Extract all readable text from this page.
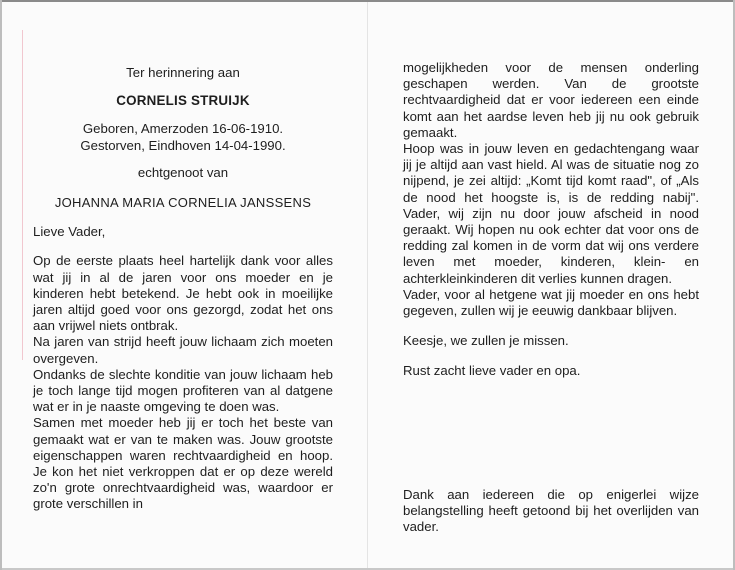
Ter herinnering aan

CORNELIS STRUIJK

Geboren, Amerzoden 16-06-1910.

Gestorven, Eindhoven 14-04-1990.

echtgenoot van

JOHANNA MARIA CORNELIA JANSSENS

Lieve Vader,

Op de eerste plaats heel hartelijk dank voor alles wat jij in al de jaren voor ons moeder en je kinderen hebt betekend. Je hebt ook in moeilijke jaren altijd goed voor ons gezorgd, zodat het ons aan vrijwel niets ontbrak.

Na jaren van strijd heeft jouw lichaam zich moeten overgeven.

Ondanks de slechte konditie van jouw lichaam heb je toch lange tijd mogen profiteren van al datgene wat er in je naaste omgeving te doen was.

Samen met moeder heb jij er toch het beste van gemaakt wat er van te maken was. Jouw grootste eigenschappen waren rechtvaardigheid en hoop. Je kon het niet verkroppen dat er op deze wereld zo'n grote onrechtvaardigheid was, waardoor er grote verschillen in

mogelijkheden voor de mensen onderling geschapen werden. Van de grootste rechtvaardigheid dat er voor iedereen een einde komt aan het aardse leven heb jij nu ook gebruik gemaakt.

Hoop was in jouw leven en gedachtengang waar jij je altijd aan vast hield. Al was de situatie nog zo nijpend, je zei altijd: „Komt tijd komt raad", of „Als de nood het hoogste is, is de redding nabij". Vader, wij zijn nu door jouw afscheid in nood geraakt. Wij hopen nu ook echter dat voor ons de redding zal komen in de vorm dat wij ons verdere leven met moeder, kinderen, klein- en achterkleinkinderen dit verlies kunnen dragen.

Vader, voor al hetgene wat jij moeder en ons hebt gegeven, zullen wij je eeuwig dankbaar blijven.

Keesje, we zullen je missen.

Rust zacht lieve vader en opa.

Dank aan iedereen die op enigerlei wijze belangstelling heeft getoond bij het overlijden van vader.
